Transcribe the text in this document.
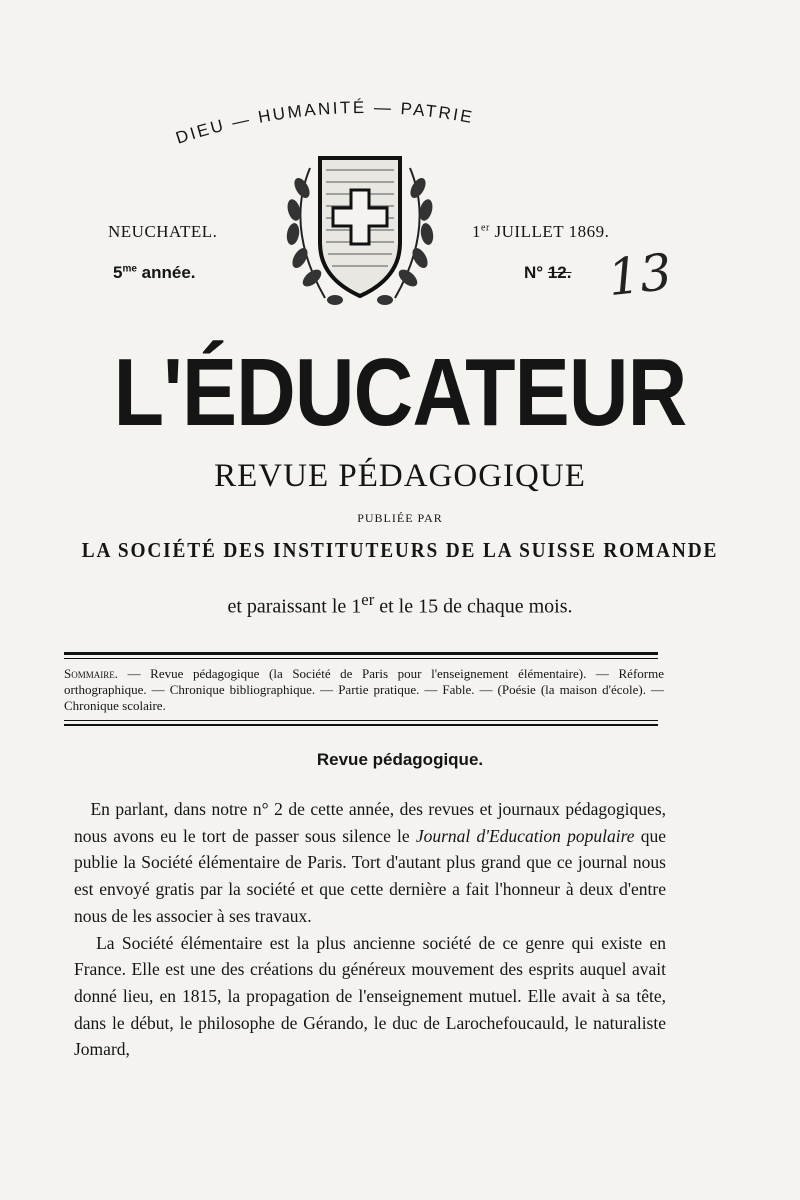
DIEU — HUMANITÉ — PATRIE
NEUCHATEL.
$5^{me}$ année.
1er JUILLET 1869.
N° 12. 13
L'ÉDUCATEUR
REVUE PÉDAGOGIQUE
PUBLIÉE PAR
LA SOCIÉTÉ DES INSTITUTEURS DE LA SUISSE ROMANDE
et paraissant le 1er et le 15 de chaque mois.
Sommaire. — Revue pédagogique (la Société de Paris pour l'enseignement élémentaire). — Réforme orthographique. — Chronique bibliographique. — Partie pratique. — Fable. — (Poésie (la maison d'école). — Chronique scolaire.
Revue pédagogique.

En parlant, dans notre n° 2 de cette année, des revues et journaux pédagogiques, nous avons eu le tort de passer sous silence le Journal d'Education populaire que publie la Société élémentaire de Paris. Tort d'autant plus grand que ce journal nous est envoyé gratis par la société et que cette dernière a fait l'honneur à deux d'entre nous de les associer à ses travaux.

La Société élémentaire est la plus ancienne société de ce genre qui existe en France. Elle est une des créations du généreux mouvement des esprits auquel avait donné lieu, en 1815, la propagation de l'enseignement mutuel. Elle avait à sa tête, dans le début, le philosophe de Gérando, le duc de Larochefoucauld, le naturaliste Jomard,
